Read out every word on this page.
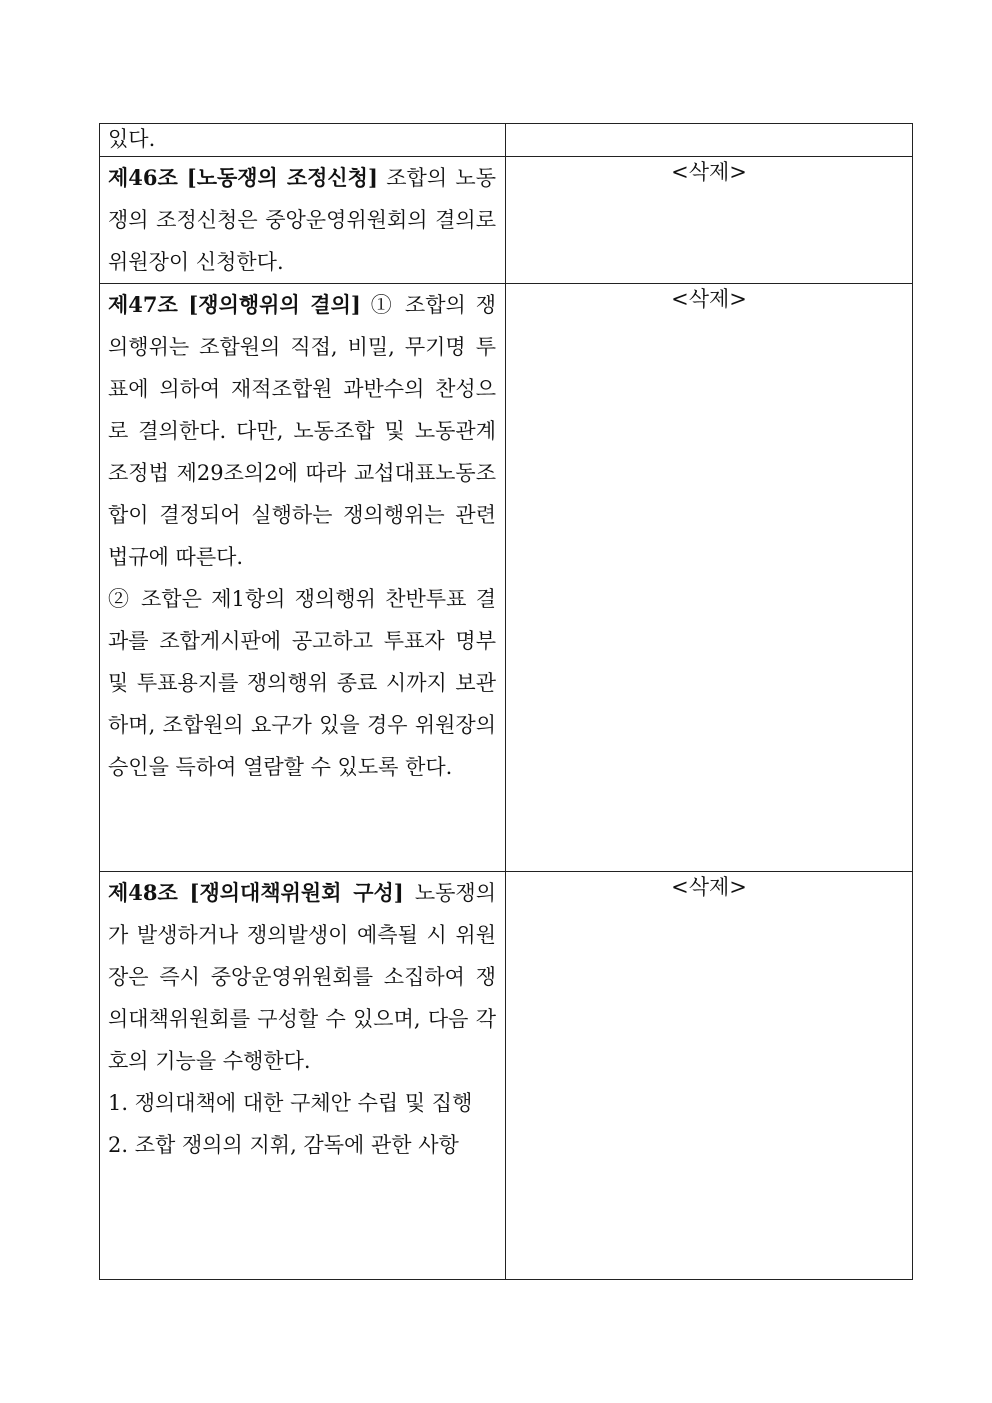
있다.	

제46조 [노동쟁의 조정신청] 조합의 노동쟁의 조정신청은 중앙운영위원회의 결의로 위원장이 신청한다.	<삭제>

제47조 [쟁의행위의 결의] ① 조합의 쟁의행위는 조합원의 직접, 비밀, 무기명 투표에 의하여 재적조합원 과반수의 찬성으로 결의한다. 다만, 노동조합 및 노동관계조정법 제29조의2에 따라 교섭대표노동조합이 결정되어 실행하는 쟁의행위는 관련 법규에 따른다.
② 조합은 제1항의 쟁의행위 찬반투표 결과를 조합게시판에 공고하고 투표자 명부 및 투표용지를 쟁의행위 종료 시까지 보관하며, 조합원의 요구가 있을 경우 위원장의 승인을 득하여 열람할 수 있도록 한다.	<삭제>

제48조 [쟁의대책위원회 구성] 노동쟁의가 발생하거나 쟁의발생이 예측될 시 위원장은 즉시 중앙운영위원회를 소집하여 쟁의대책위원회를 구성할 수 있으며, 다음 각 호의 기능을 수행한다.
1. 쟁의대책에 대한 구체안 수립 및 집행
2. 조합 쟁의의 지휘, 감독에 관한 사항	<삭제>
